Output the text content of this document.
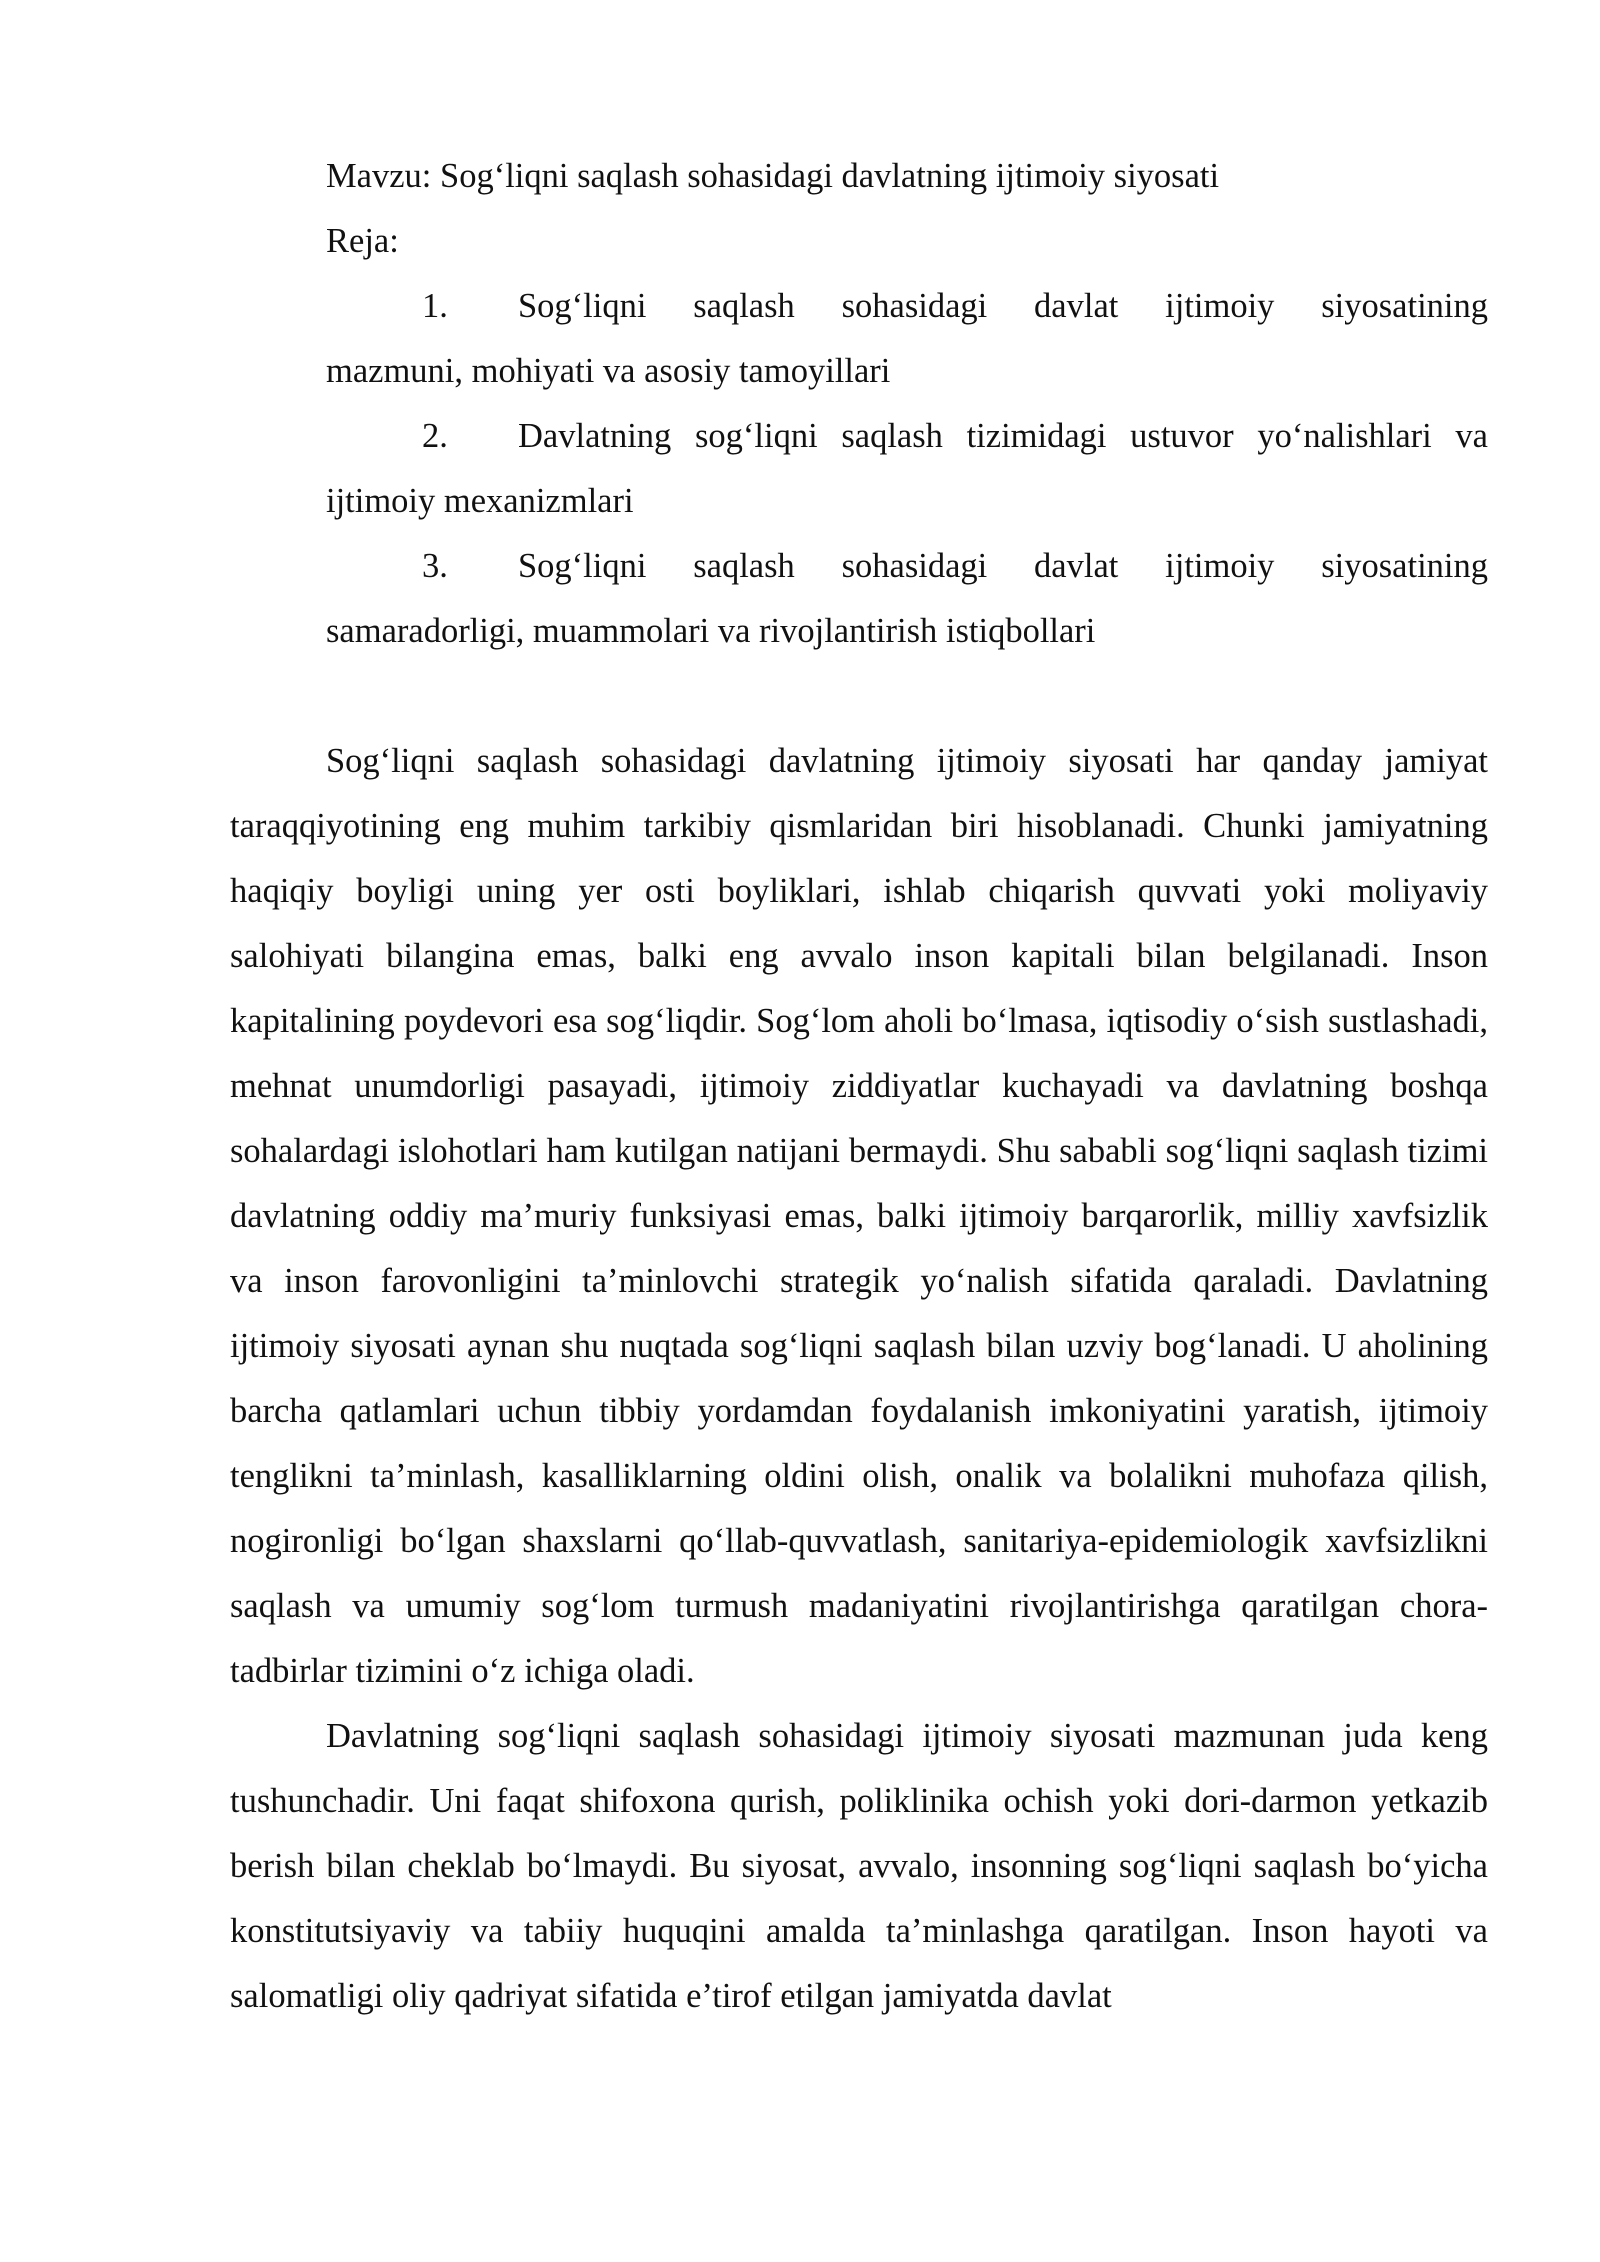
Mavzu: Sog‘liqni saqlash sohasidagi davlatning ijtimoiy siyosati

Reja:

1. Sog‘liqni saqlash sohasidagi davlat ijtimoiy siyosatining
mazmuni, mohiyati va asosiy tamoyillari
2. Davlatning sog‘liqni saqlash tizimidagi ustuvor yo‘nalishlari va
ijtimoiy mexanizmlari
3. Sog‘liqni saqlash sohasidagi davlat ijtimoiy siyosatining
samaradorligi, muammolari va rivojlantirish istiqbollari

Sog‘liqni saqlash sohasidagi davlatning ijtimoiy siyosati har qanday jamiyat taraqqiyotining eng muhim tarkibiy qismlaridan biri hisoblanadi. Chunki jamiyatning haqiqiy boyligi uning yer osti boyliklari, ishlab chiqarish quvvati yoki moliyaviy salohiyati bilangina emas, balki eng avvalo inson kapitali bilan belgilanadi. Inson kapitalining poydevori esa sog‘liqdir. Sog‘lom aholi bo‘lmasa, iqtisodiy o‘sish sustlashadi, mehnat unumdorligi pasayadi, ijtimoiy ziddiyatlar kuchayadi va davlatning boshqa sohalardagi islohotlari ham kutilgan natijani bermaydi. Shu sababli sog‘liqni saqlash tizimi davlatning oddiy ma’muriy funksiyasi emas, balki ijtimoiy barqarorlik, milliy xavfsizlik va inson farovonligini ta’minlovchi strategik yo‘nalish sifatida qaraladi. Davlatning ijtimoiy siyosati aynan shu nuqtada sog‘liqni saqlash bilan uzviy bog‘lanadi. U aholining barcha qatlamlari uchun tibbiy yordamdan foydalanish imkoniyatini yaratish, ijtimoiy tenglikni ta’minlash, kasalliklarning oldini olish, onalik va bolalikni muhofaza qilish, nogironligi bo‘lgan shaxslarni qo‘llab-quvvatlash, sanitariya-epidemiologik xavfsizlikni saqlash va umumiy sog‘lom turmush madaniyatini rivojlantirishga qaratilgan chora-tadbirlar tizimini o‘z ichiga oladi.

Davlatning sog‘liqni saqlash sohasidagi ijtimoiy siyosati mazmunan juda keng tushunchadir. Uni faqat shifoxona qurish, poliklinika ochish yoki dori-darmon yetkazib berish bilan cheklab bo‘lmaydi. Bu siyosat, avvalo, insonning sog‘liqni saqlash bo‘yicha konstitutsiyaviy va tabiiy huquqini amalda ta’minlashga qaratilgan. Inson hayoti va salomatligi oliy qadriyat sifatida e’tirof etilgan jamiyatda davlat
